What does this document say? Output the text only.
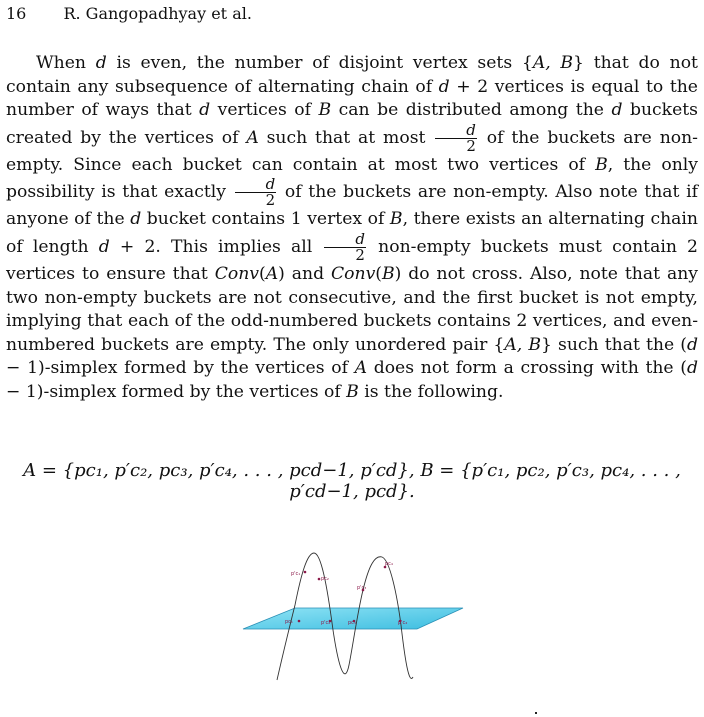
16 R. Gangopadhyay et al.
When d is even, the number of disjoint vertex sets {A, B} that do not contain any subsequence of alternating chain of d + 2 vertices is equal to the number of ways that d vertices of B can be distributed among the d buckets created by the vertices of A such that at most $\frac{d}{2}$ of the buckets are non-empty. Since each bucket can contain at most two vertices of B, the only possibility is that exactly $\frac{d}{2}$ of the buckets are non-empty. Also note that if anyone of the d bucket contains 1 vertex of B, there exists an alternating chain of length d + 2. This implies all $\frac{d}{2}$ non-empty buckets must contain 2 vertices to ensure that Conv(A) and Conv(B) do not cross. Also, note that any two non-empty buckets are not consecutive, and the first bucket is not empty, implying that each of the odd-numbered buckets contains 2 vertices, and even-numbered buckets are empty. The only unordered pair {A, B} such that the (d − 1)-simplex formed by the vertices of A does not form a crossing with the (d − 1)-simplex formed by the vertices of B is the following.
A = {pc₁, p′c₂, pc₃, p′c₄, . . . , pcd−1, p′cd}, B = {p′c₁, pc₂, p′c₃, pc₄, . . . , p′cd−1, pcd}.
p'c₁
pc₂
p'c₃
pc₄
pc₁	p'c₂	pc₃	p'c₄
